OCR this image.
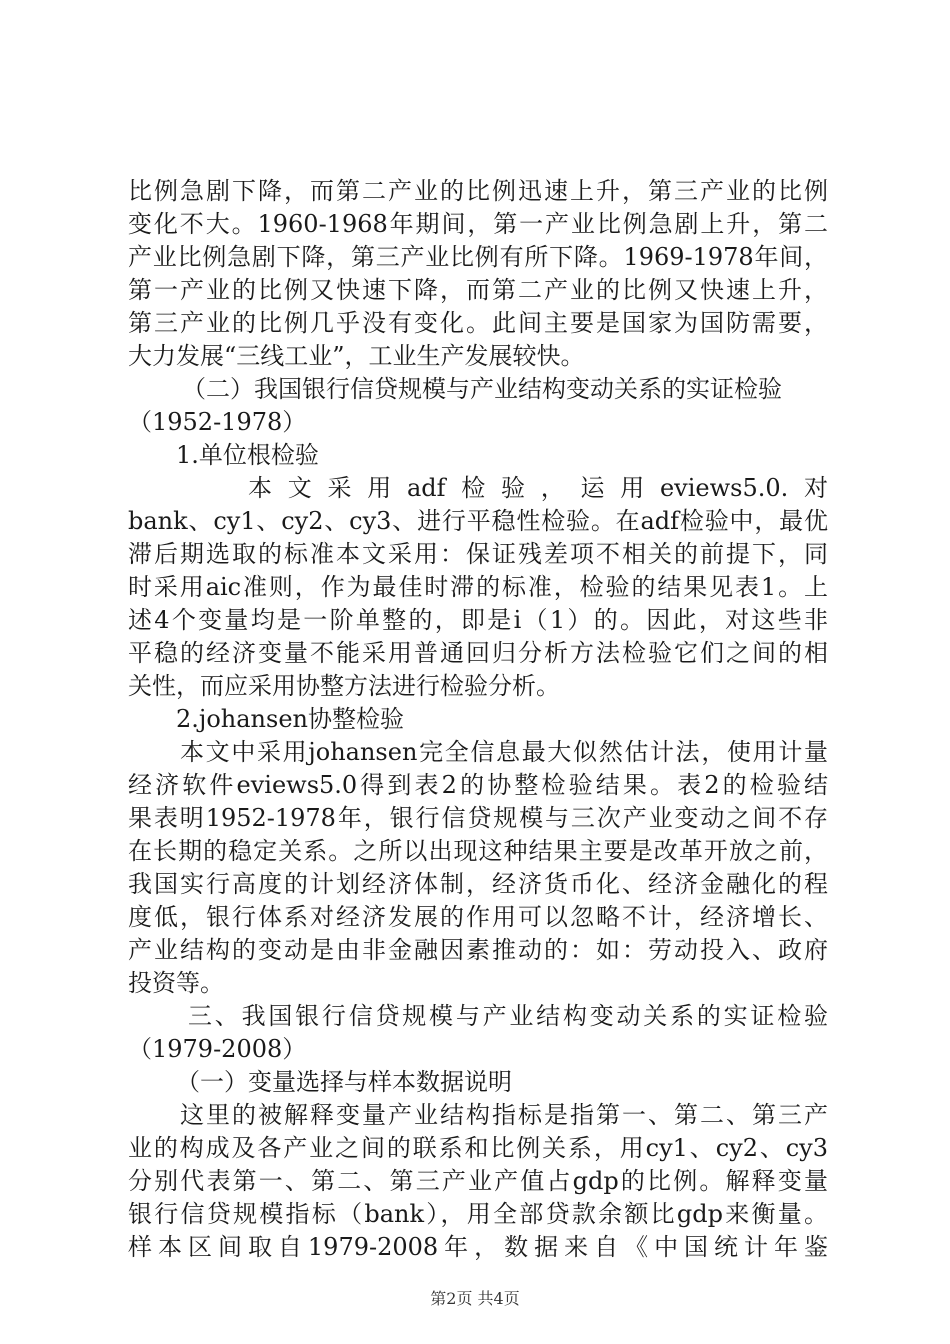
比例急剧下降，而第二产业的比例迅速上升，第三产业的比例
变化不大。1960-1968年期间，第一产业比例急剧上升，第二
产业比例急剧下降，第三产业比例有所下降。1969-1978年间，
第一产业的比例又快速下降，而第二产业的比例又快速上升，
第三产业的比例几乎没有变化。此间主要是国家为国防需要，
大力发展“三线工业”，工业生产发展较快。
（二）我国银行信贷规模与产业结构变动关系的实证检验
（1952-1978）
1.单位根检验
本文采用adf检验，运用eviews5.0.对
bank、cy1、cy2、cy3、进行平稳性检验。在adf检验中，最优
滞后期选取的标准本文采用：保证残差项不相关的前提下，同
时采用aic准则，作为最佳时滞的标准，检验的结果见表1。上
述4个变量均是一阶单整的，即是i（1）的。因此，对这些非
平稳的经济变量不能采用普通回归分析方法检验它们之间的相
关性，而应采用协整方法进行检验分析。
2.johansen协整检验
本文中采用johansen完全信息最大似然估计法，使用计量
经济软件eviews5.0得到表2的协整检验结果。表2的检验结
果表明1952-1978年，银行信贷规模与三次产业变动之间不存
在长期的稳定关系。之所以出现这种结果主要是改革开放之前，
我国实行高度的计划经济体制，经济货币化、经济金融化的程
度低，银行体系对经济发展的作用可以忽略不计，经济增长、
产业结构的变动是由非金融因素推动的：如：劳动投入、政府
投资等。
三、我国银行信贷规模与产业结构变动关系的实证检验
（1979-2008）
（一）变量选择与样本数据说明
这里的被解释变量产业结构指标是指第一、第二、第三产
业的构成及各产业之间的联系和比例关系，用cy1、cy2、cy3
分别代表第一、第二、第三产业产值占gdp的比例。解释变量
银行信贷规模指标（bank），用全部贷款余额比gdp来衡量。
样本区间取自1979-2008年，数据来自《中国统计年鉴
第2页 共4页
